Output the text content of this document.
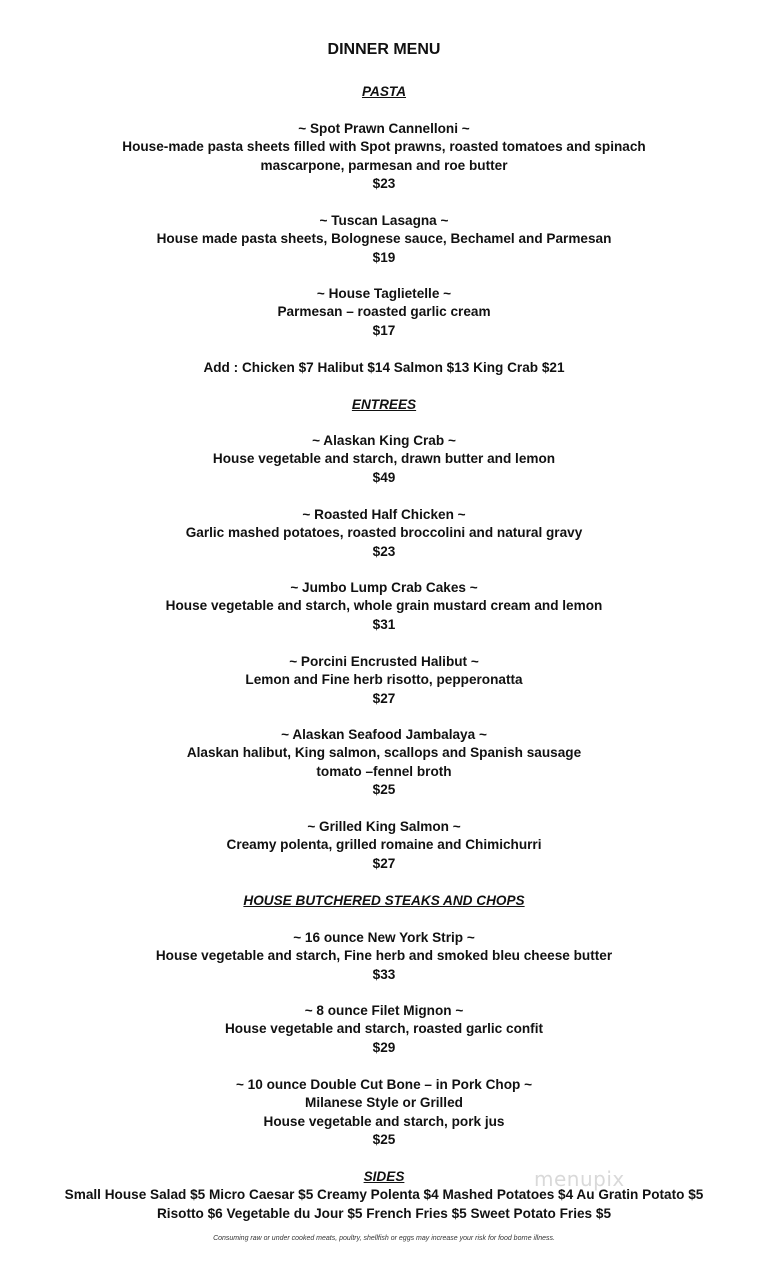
DINNER MENU
PASTA
~ Spot Prawn Cannelloni ~
House-made pasta sheets filled with Spot prawns, roasted tomatoes and spinach
mascarpone, parmesan and roe butter
$23
~ Tuscan Lasagna ~
House made pasta sheets, Bolognese sauce, Bechamel and Parmesan
$19
~ House Taglietelle ~
Parmesan – roasted garlic cream
$17
Add : Chicken $7 Halibut $14 Salmon $13 King Crab $21
ENTREES
~ Alaskan King Crab ~
House vegetable and starch, drawn butter and lemon
$49
~ Roasted Half Chicken ~
Garlic mashed potatoes, roasted broccolini and natural gravy
$23
~ Jumbo Lump Crab Cakes ~
House vegetable and starch, whole grain mustard cream and lemon
$31
~ Porcini Encrusted Halibut ~
Lemon and Fine herb risotto, pepperonatta
$27
~ Alaskan Seafood Jambalaya ~
Alaskan halibut, King salmon, scallops and Spanish sausage
tomato –fennel broth
$25
~ Grilled King Salmon ~
Creamy polenta, grilled romaine and Chimichurri
$27
HOUSE BUTCHERED STEAKS AND CHOPS
~ 16 ounce New York Strip ~
House vegetable and starch, Fine herb and smoked bleu cheese butter
$33
~ 8 ounce Filet Mignon ~
House vegetable and starch, roasted garlic confit
$29
~ 10 ounce Double Cut Bone – in Pork Chop ~
Milanese Style or Grilled
House vegetable and starch, pork jus
$25
SIDES
Small House Salad $5 Micro Caesar $5 Creamy Polenta $4 Mashed Potatoes $4 Au Gratin Potato $5
Risotto $6 Vegetable du Jour $5 French Fries $5 Sweet Potato Fries $5
menupix
Consuming raw or under cooked meats, poultry, shellfish or eggs may increase your risk for food borne illness.
